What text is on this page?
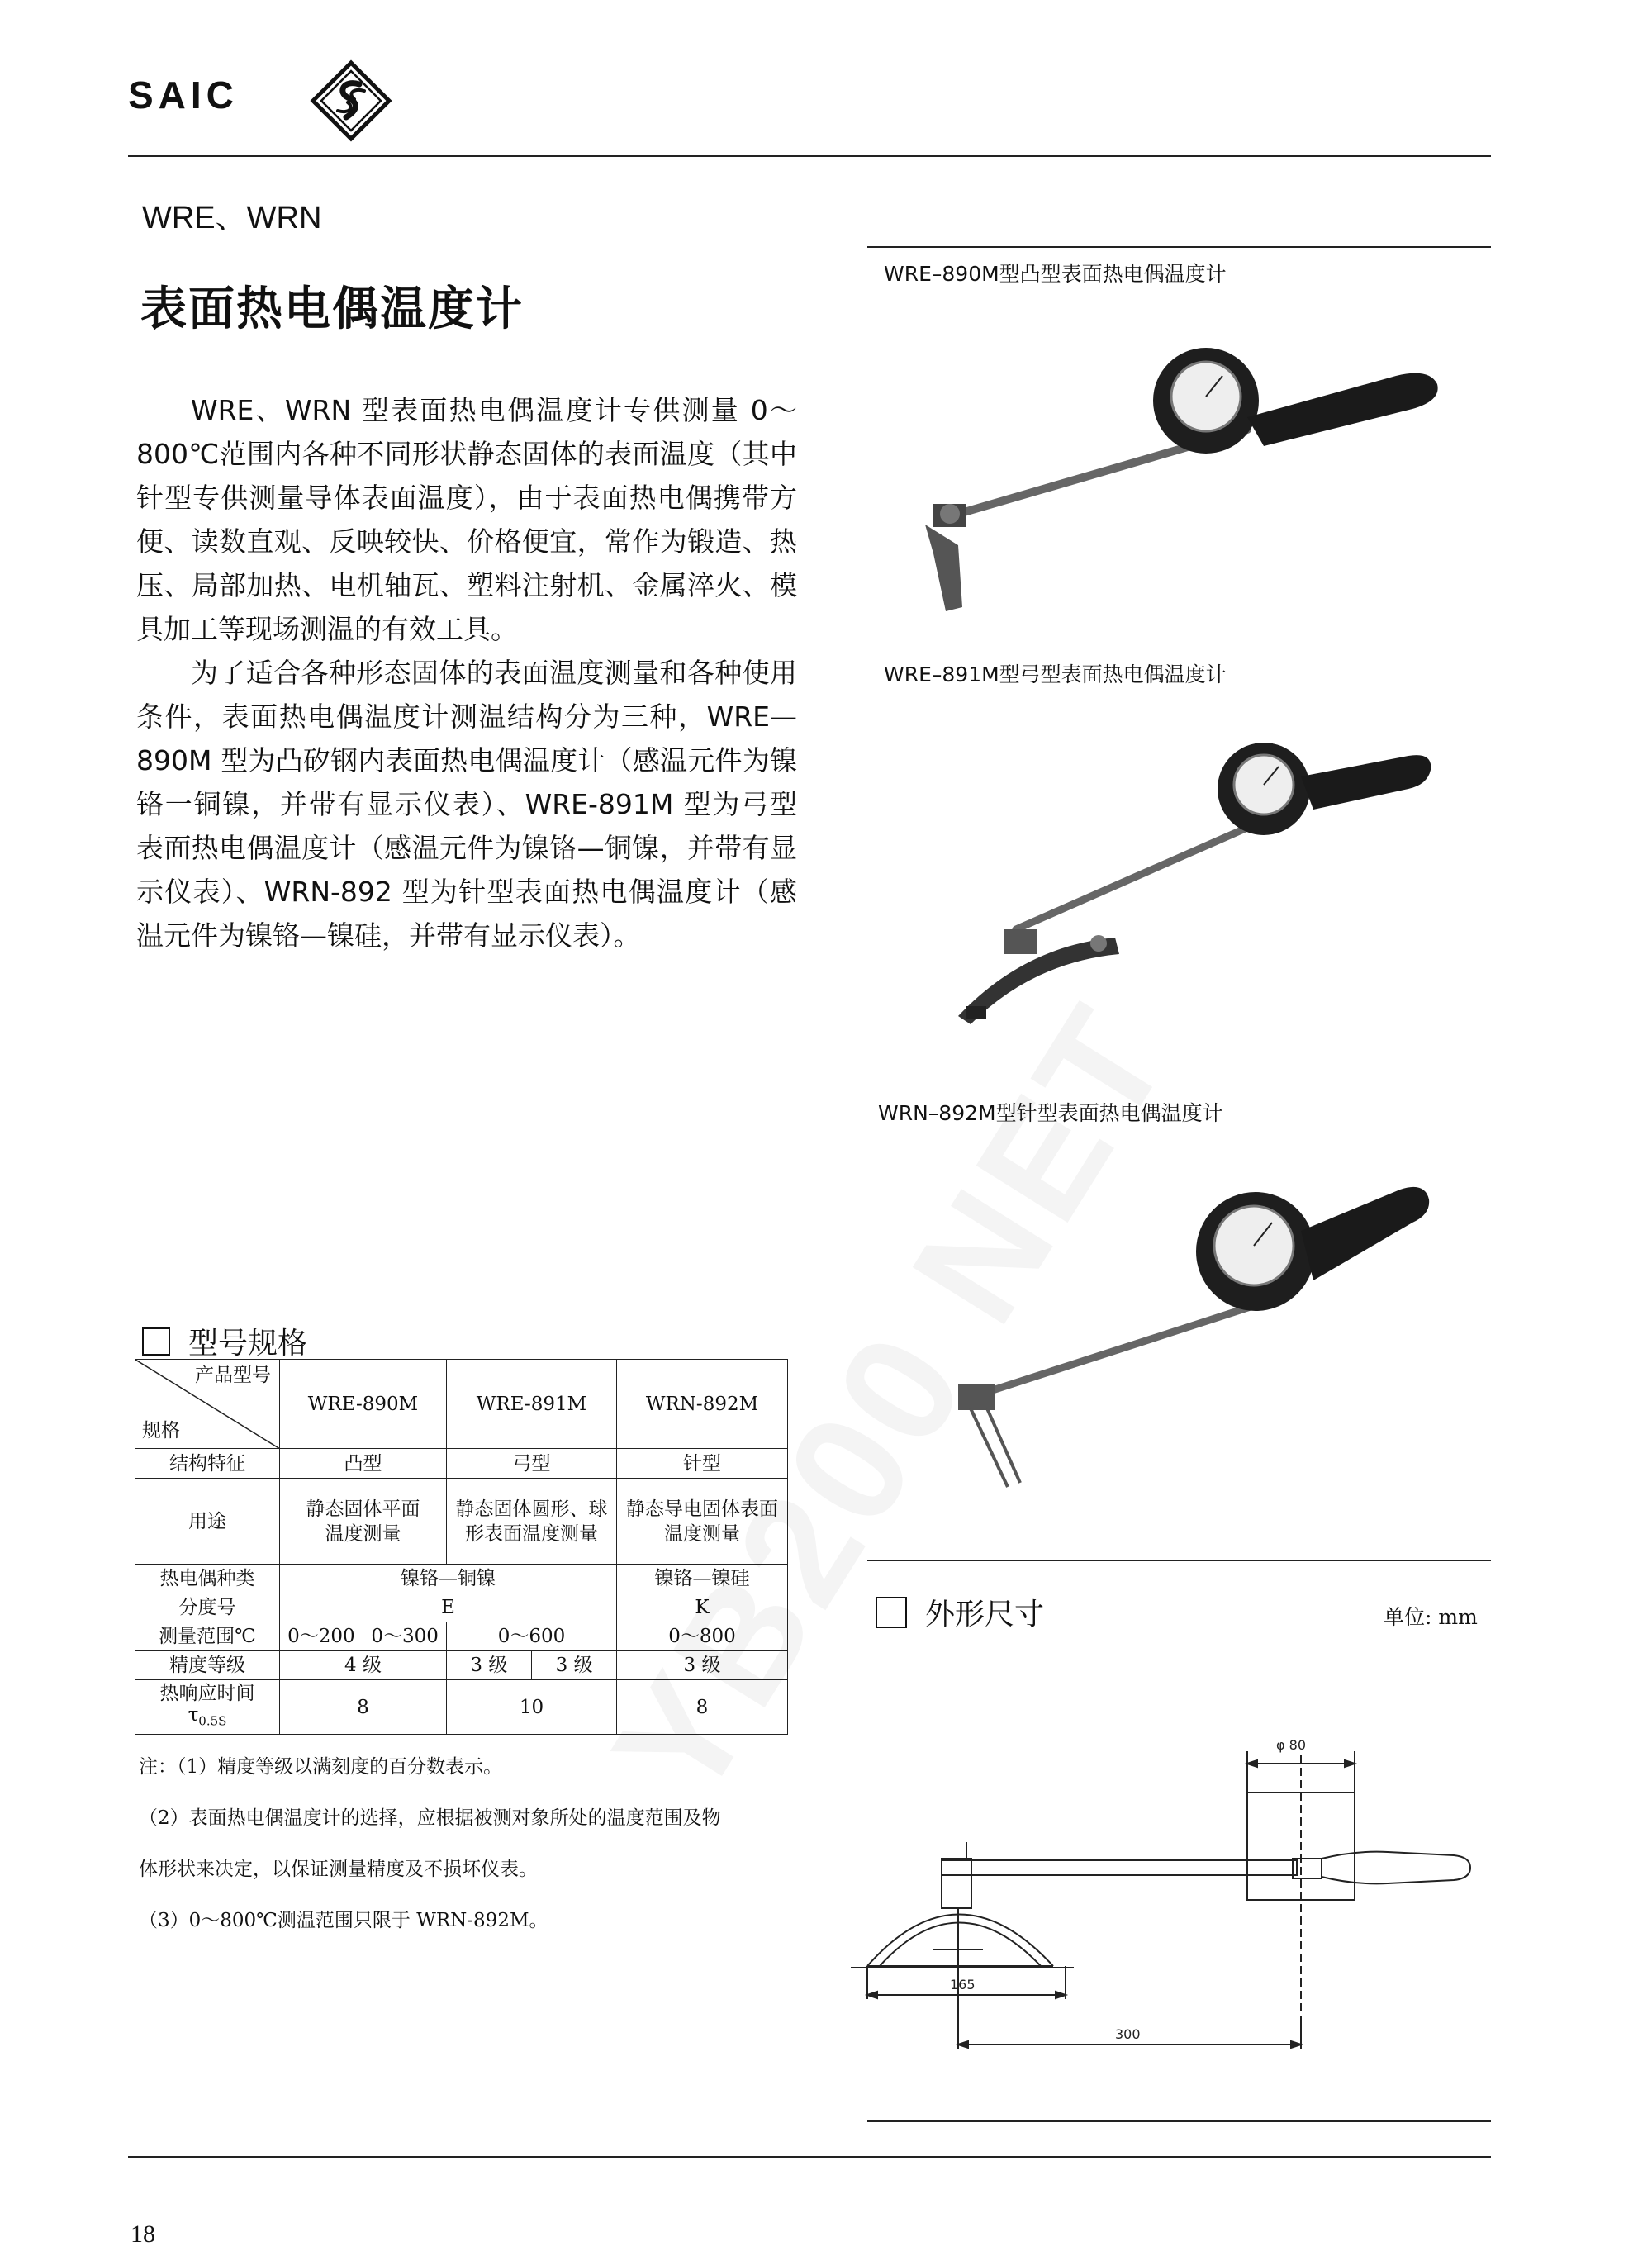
SAIC
WRE、WRN
表面热电偶温度计

WRE、WRN 型表面热电偶温度计专供测量 0～800℃范围内各种不同形状静态固体的表面温度（其中针型专供测量导体表面温度），由于表面热电偶携带方便、读数直观、反映较快、价格便宜，常作为锻造、热压、局部加热、电机轴瓦、塑料注射机、金属淬火、模具加工等现场测温的有效工具。

为了适合各种形态固体的表面温度测量和各种使用条件，表面热电偶温度计测温结构分为三种，WRE—890M 型为凸矽钢内表面热电偶温度计（感温元件为镍铬一铜镍，并带有显示仪表）、WRE-891M 型为弓型表面热电偶温度计（感温元件为镍铬—铜镍，并带有显示仪表）、WRN-892 型为针型表面热电偶温度计（感温元件为镍铬—镍硅，并带有显示仪表）。

型号规格
产品型号
规格	WRE-890M	WRE-891M	WRN-892M
结构特征	凸型	弓型	针型
用途	静态固体平面温度测量	静态固体圆形、球形表面温度测量	静态导电固体表面温度测量
热电偶种类	镍铬—铜镍		镍铬—镍硅
分度号	E		K
测量范围℃	0～200 0～300	0～600	0～800
精度等级	4 级	3 级 3 级	3 级

热响应时间
$\tau_{0.5S}$	8	10	8
注：（1）精度等级以满刻度的百分数表示。
（2）表面热电偶温度计的选择，应根据被测对象所处的温度范围及物
体形状来决定，以保证测量精度及不损坏仪表。
（3）0～800℃测温范围只限于 WRN-892M。
WRE–890M型凸型表面热电偶温度计
WRE–891M型弓型表面热电偶温度计
WRN–892M型针型表面热电偶温度计
外形尺寸	单位: mm
φ 80
165
300
18
